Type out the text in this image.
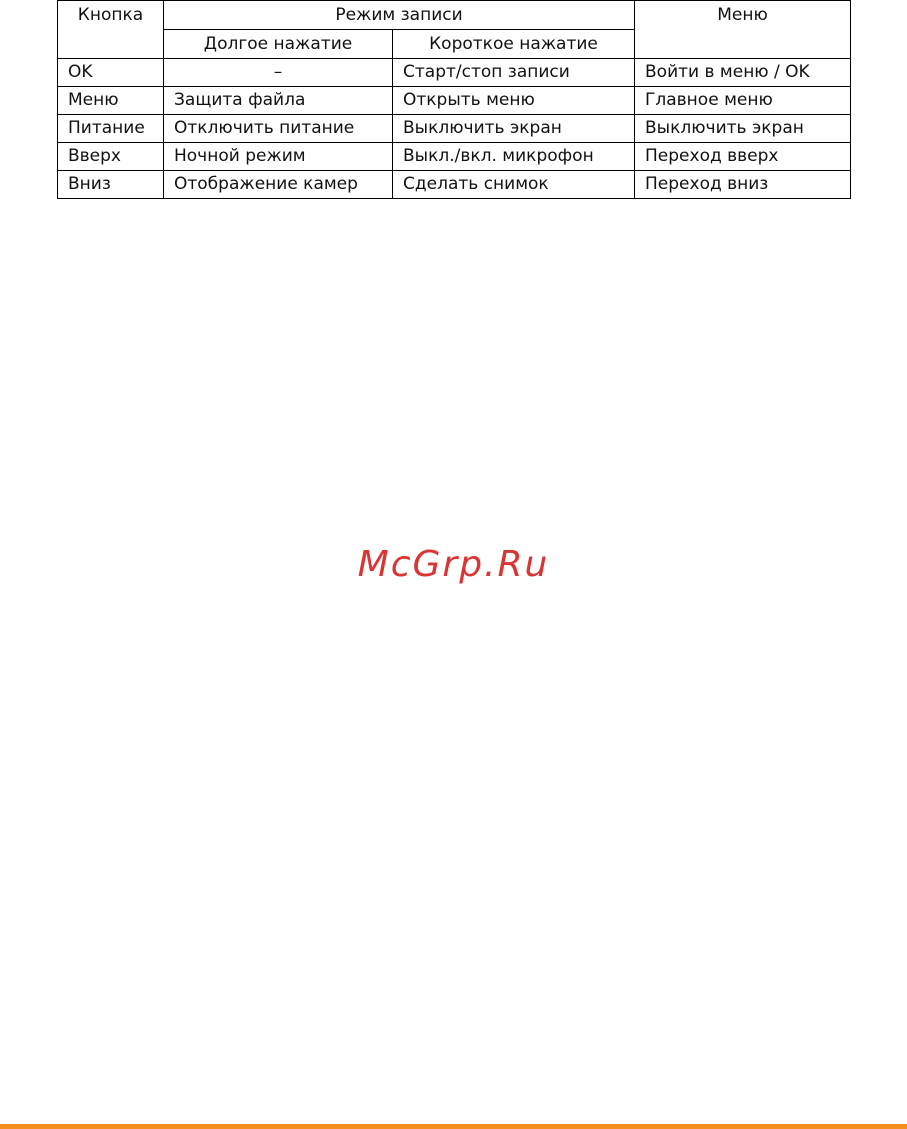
Кнопка	Режим записи		Меню
	Долгое нажатие	Короткое нажатие	
OK	–	Старт/стоп записи	Войти в меню / OK
Меню	Защита файла	Открыть меню	Главное меню
Питание	Отключить питание	Выключить экран	Выключить экран
Вверх	Ночной режим	Выкл./вкл. микрофон	Переход вверх
Вниз	Отображение камер	Сделать снимок	Переход вниз
McGrp.Ru
